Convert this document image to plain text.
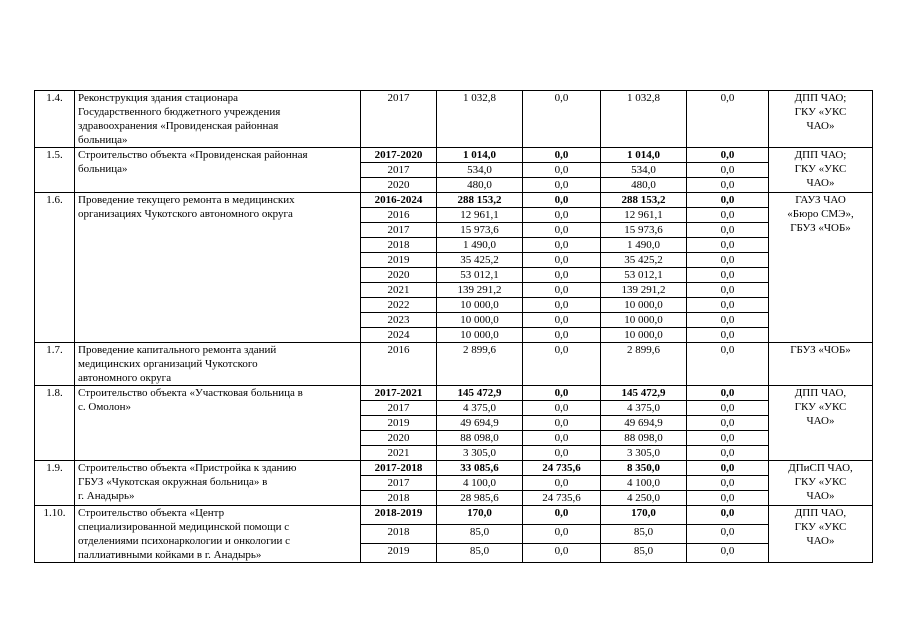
1.4.	Реконструкция здания стационара
Государственного бюджетного учреждения
здравоохранения «Провиденская районная
больница»	2017	1 032,8	0,0	1 032,8	0,0	ДПП ЧАО;
ГКУ «УКС
ЧАО»

1.5.	Строительство объекта «Провиденская районная
больница»	2017-2020	1 014,0	0,0	1 014,0	0,0	ДПП ЧАО;
ГКУ «УКС
ЧАО»

		2017	534,0	0,0	534,0	0,0	
		2020	480,0	0,0	480,0	0,0	
1.6.	Проведение текущего ремонта в медицинских
организациях Чукотского автономного округа	2016-2024	288 153,2	0,0	288 153,2	0,0	ГАУЗ ЧАО
«Бюро СМЭ»,
ГБУЗ «ЧОБ»

		2016	12 961,1	0,0	12 961,1	0,0	
		2017	15 973,6	0,0	15 973,6	0,0	
		2018	1 490,0	0,0	1 490,0	0,0	
		2019	35 425,2	0,0	35 425,2	0,0	
		2020	53 012,1	0,0	53 012,1	0,0	
		2021	139 291,2	0,0	139 291,2	0,0	
		2022	10 000,0	0,0	10 000,0	0,0	
		2023	10 000,0	0,0	10 000,0	0,0	
		2024	10 000,0	0,0	10 000,0	0,0	
1.7.	Проведение капитального ремонта зданий
медицинских организаций Чукотского
автономного округа	2016	2 899,6	0,0	2 899,6	0,0	ГБУЗ «ЧОБ»

1.8.	Строительство объекта «Участковая больница в
с. Омолон»	2017-2021	145 472,9	0,0	145 472,9	0,0	ДПП ЧАО,
ГКУ «УКС
ЧАО»

		2017	4 375,0	0,0	4 375,0	0,0	
		2019	49 694,9	0,0	49 694,9	0,0	
		2020	88 098,0	0,0	88 098,0	0,0	
		2021	3 305,0	0,0	3 305,0	0,0	
1.9.	Строительство объекта «Пристройка к зданию
ГБУЗ «Чукотская окружная больница» в
г. Анадырь»	2017-2018	33 085,6	24 735,6	8 350,0	0,0	ДПиСП ЧАО,
ГКУ «УКС
ЧАО»

		2017	4 100,0	0,0	4 100,0	0,0	
		2018	28 985,6	24 735,6	4 250,0	0,0	
1.10.	Строительство объекта «Центр
специализированной медицинской помощи с
отделениями психонаркологии и онкологии с
паллиативными койками в г. Анадырь»	2018-2019	170,0	0,0	170,0	0,0	ДПП ЧАО,
ГКУ «УКС
ЧАО»

		2018	85,0	0,0	85,0	0,0	
		2019	85,0	0,0	85,0	0,0	
